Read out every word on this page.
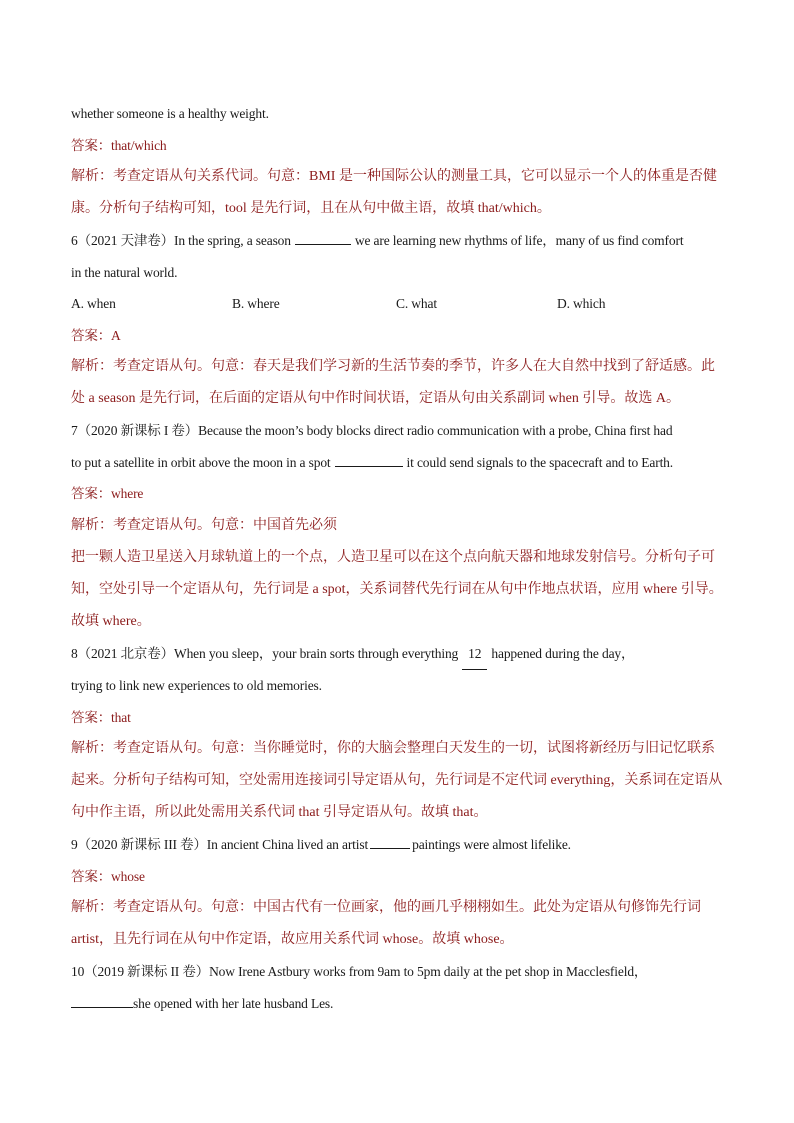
whether someone is a healthy weight.
答案：that/which
解析：考查定语从句关系代词。句意：BMI 是一种国际公认的测量工具，它可以显示一个人的体重是否健
康。分析句子结构可知，tool 是先行词，且在从句中做主语，故填 that/which。
6（2021 天津卷）In the spring, a season	we are learning new rhythms of life，many of us find comfort
in the natural world.
A. when	B. where	C. what	D. which
答案：A
解析：考查定语从句。句意：春天是我们学习新的生活节奏的季节，许多人在大自然中找到了舒适感。此
处 a season 是先行词，在后面的定语从句中作时间状语，定语从句由关系副词 when 引导。故选 A。
7（2020 新课标 I 卷）Because the moon’s body blocks direct radio communication with a probe, China first had
to put a satellite in orbit above the moon in a spot	it could send signals to the spacecraft and to Earth.
答案：where
解析：考查定语从句。句意：中国首先必须
把一颗人造卫星送入月球轨道上的一个点，人造卫星可以在这个点向航天器和地球发射信号。分析句子可
知，空处引导一个定语从句，先行词是 a spot，关系词替代先行词在从句中作地点状语，应用 where 引导。
故填 where。
8（2021 北京卷）When you sleep，your brain sorts through everything 12 happened during the day，
trying to link new experiences to old memories.
答案：that
解析：考查定语从句。句意：当你睡觉时，你的大脑会整理白天发生的一切，试图将新经历与旧记忆联系
起来。分析句子结构可知，空处需用连接词引导定语从句，先行词是不定代词 everything，关系词在定语从
句中作主语，所以此处需用关系代词 that 引导定语从句。故填 that。
9（2020 新课标 III 卷）In ancient China lived an artist	paintings were almost lifelike.
答案：whose
解析：考查定语从句。句意：中国古代有一位画家，他的画几乎栩栩如生。此处为定语从句修饰先行词
artist，且先行词在从句中作定语，故应用关系代词 whose。故填 whose。
10（2019 新课标 II 卷）Now Irene Astbury works from 9am to 5pm daily at the pet shop in Macclesfield，
she opened with her late husband Les.
